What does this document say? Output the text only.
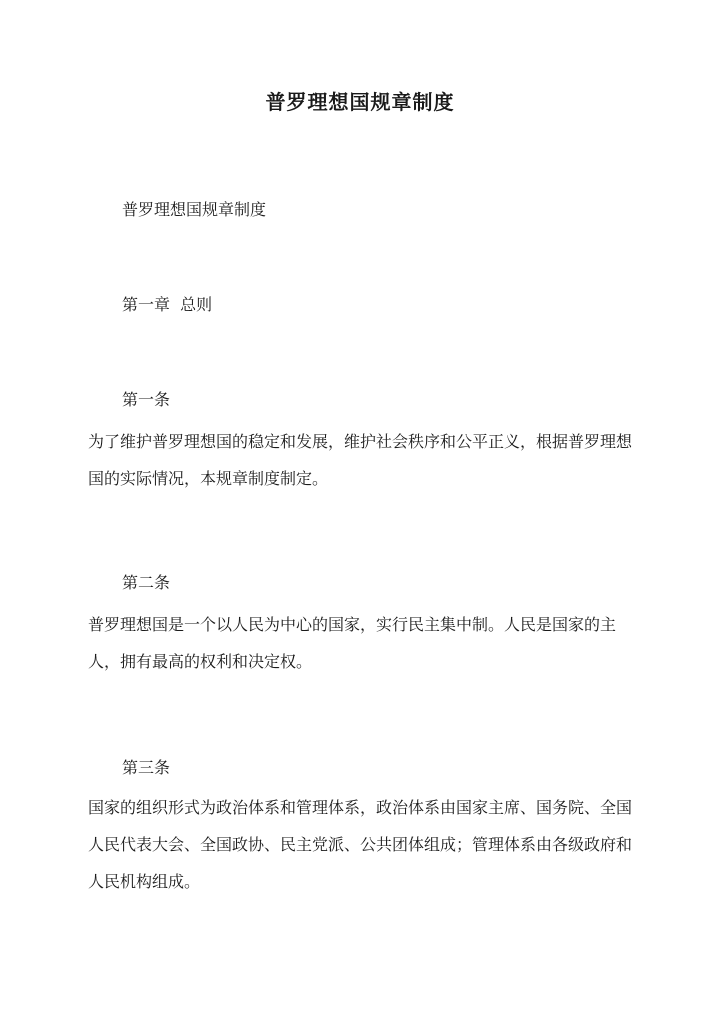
普罗理想国规章制度
普罗理想国规章制度
第一章  总则
第一条
为了维护普罗理想国的稳定和发展，维护社会秩序和公平正义，根据普罗理想国的实际情况，本规章制度制定。
第二条
普罗理想国是一个以人民为中心的国家，实行民主集中制。人民是国家的主人，拥有最高的权利和决定权。
第三条
国家的组织形式为政治体系和管理体系，政治体系由国家主席、国务院、全国人民代表大会、全国政协、民主党派、公共团体组成；管理体系由各级政府和人民机构组成。
